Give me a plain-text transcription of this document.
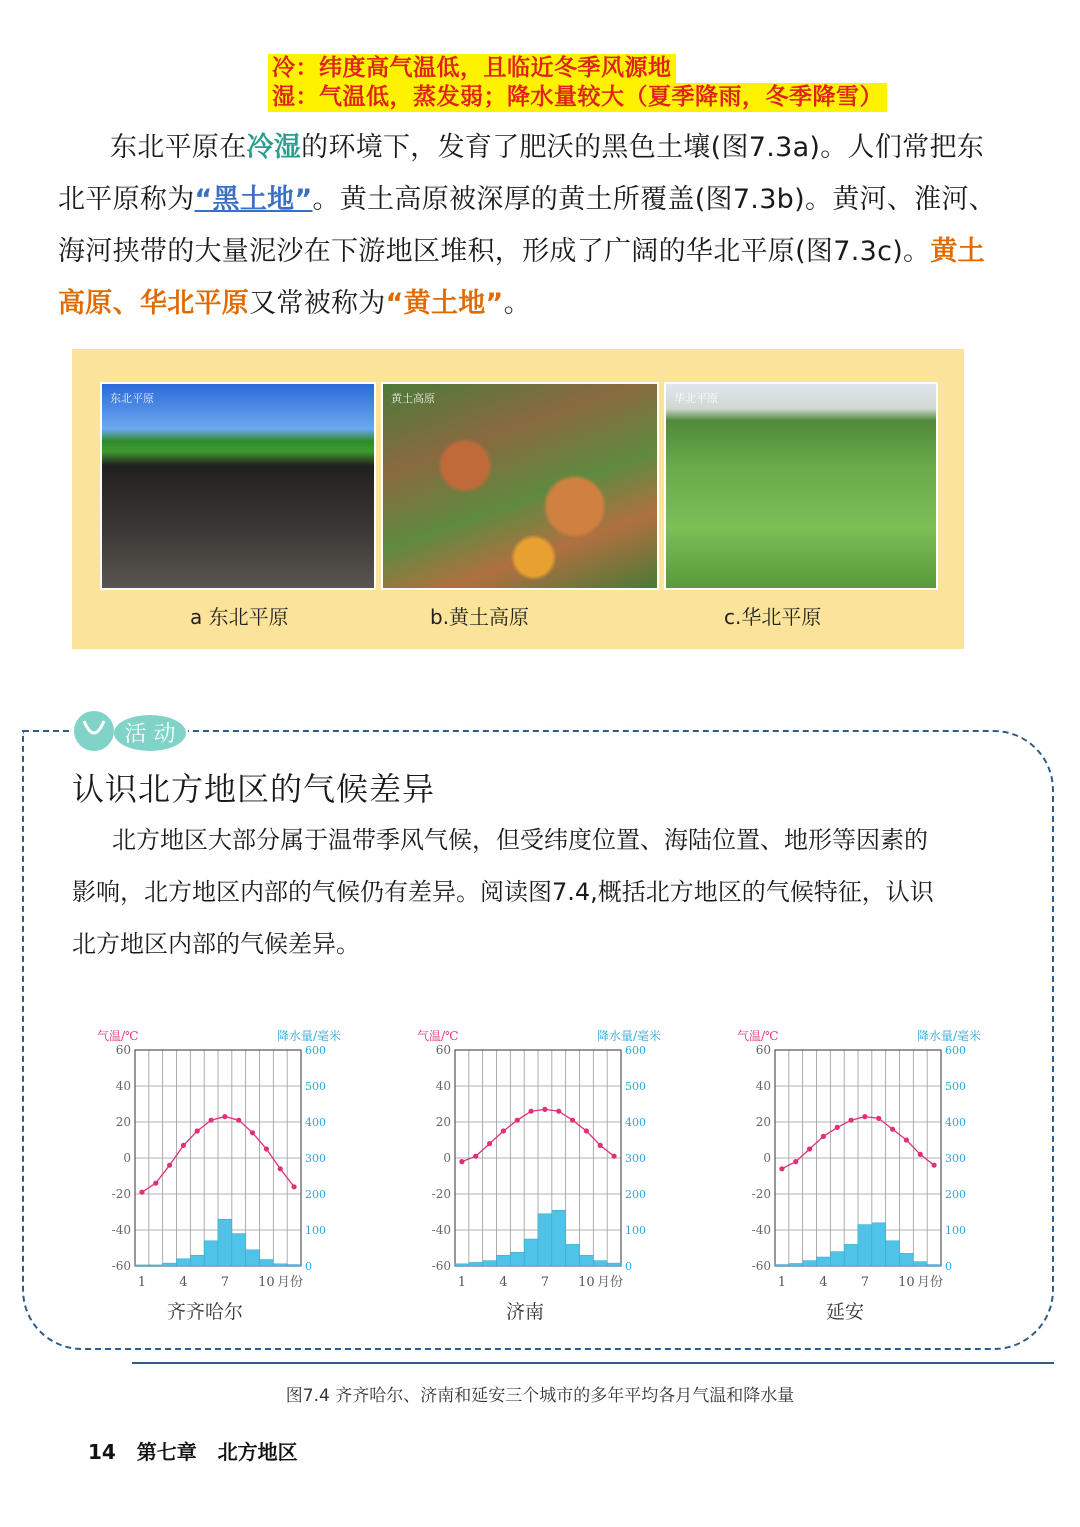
冷：纬度高气温低，且临近冬季风源地
湿：气温低，蒸发弱；降水量较大（夏季降雨，冬季降雪）
东北平原在冷湿的环境下，发育了肥沃的黑色土壤(图7.3a)。人们常把东北平原称为“黑土地”。黄土高原被深厚的黄土所覆盖(图7.3b)。黄河、淮河、海河挟带的大量泥沙在下游地区堆积，形成了广阔的华北平原(图7.3c)。黄土高原、华北平原又常被称为“黄土地”。
东北平原	黄土高原	华北平原
a 东北平原	b.黄土高原	c.华北平原
活 动
认识北方地区的气候差异
北方地区大部分属于温带季风气候，但受纬度位置、海陆位置、地形等因素的影响，北方地区内部的气候仍有差异。阅读图7.4,概括北方地区的气候特征，认识北方地区内部的气候差异。
气温/℃	降水量/毫米
60	600
40	500
20	400
0	300
-20	200
-40	100
-60	0
1	4	7 10 月份
齐齐哈尔
气温/℃	降水量/毫米
60	600
40	500
20	400
0	300
-20	200
-40	100
-60	0
1	4	7 10 月份
济南
气温/℃	降水量/毫米
60	600
40	500
20	400
0	300
-20	200
-40	100
-60	0
1	4	7 10 月份
延安
图7.4 齐齐哈尔、济南和延安三个城市的多年平均各月气温和降水量
14 第七章 北方地区
